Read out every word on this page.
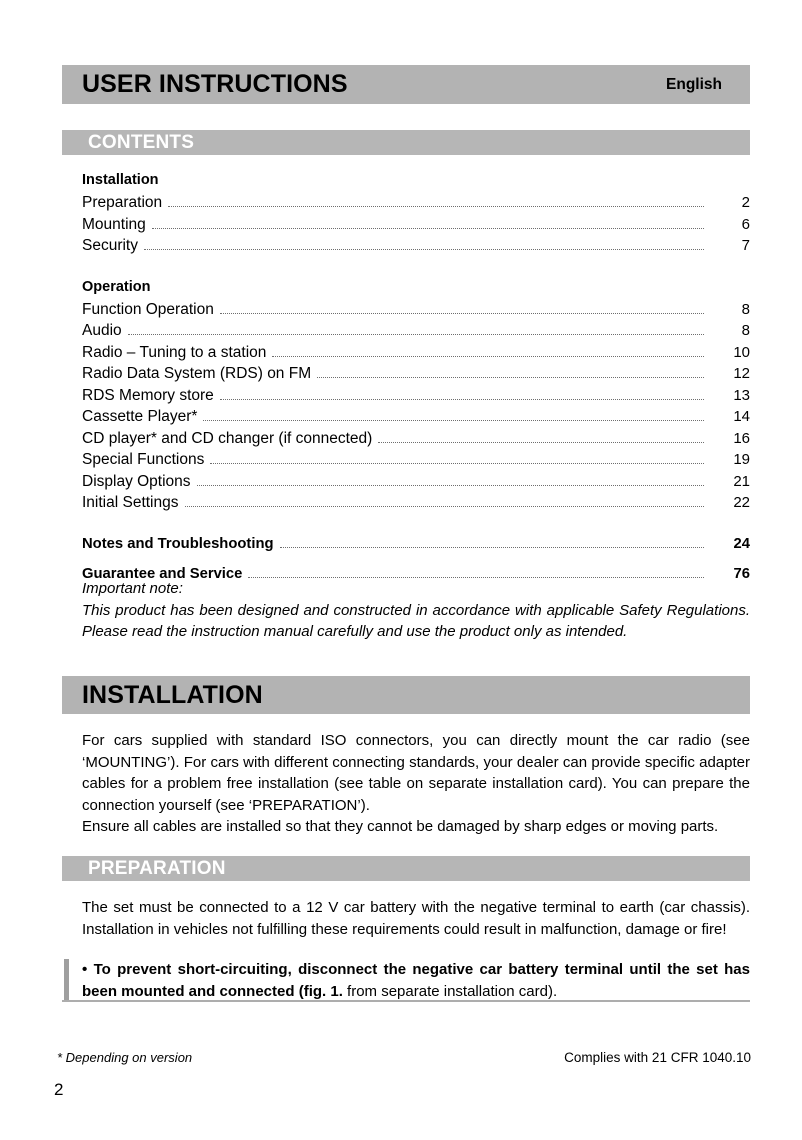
USER INSTRUCTIONS	English
CONTENTS
Installation
Preparation	2
Mounting	6
Security	7
Operation
Function Operation	8
Audio	8
Radio – Tuning to a station	10
Radio Data System (RDS) on FM	12
RDS Memory store	13
Cassette Player*	14
CD player* and CD changer (if connected)	16
Special Functions	19
Display Options	21
Initial Settings	22
Notes and Troubleshooting	24
Guarantee and Service	76
Important note:
This product has been designed and constructed in accordance with applicable Safety Regulations. Please read the instruction manual carefully and use the product only as intended.
INSTALLATION

For cars supplied with standard ISO connectors, you can directly mount the car radio (see ‘MOUNTING’). For cars with different connecting standards, your dealer can provide specific adapter cables for a problem free installation (see table on separate installation card). You can prepare the connection yourself (see ‘PREPARATION’).

Ensure all cables are installed so that they cannot be damaged by sharp edges or moving parts.

PREPARATION

The set must be connected to a 12 V car battery with the negative terminal to earth (car chassis). Installation in vehicles not fulfilling these requirements could result in malfunction, damage or fire!

• To prevent short-circuiting, disconnect the negative car battery terminal until the set has been mounted and connected (fig. 1. from separate installation card).
* Depending on version	Complies with 21 CFR 1040.10
2
